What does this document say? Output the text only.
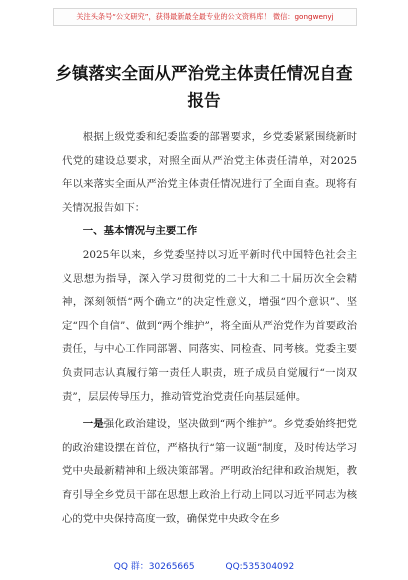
关注头条号“公文研究”，获得最新最全最专业的公文资料库！ 微信：gongwenyj
乡镇落实全面从严治党主体责任情况自查
报告

根据上级党委和纪委监委的部署要求，乡党委紧紧围绕新时代党的建设总要求，对照全面从严治党主体责任清单，对2025年以来落实全面从严治党主体责任情况进行了全面自查。现将有关情况报告如下：

一、基本情况与主要工作

2025年以来，乡党委坚持以习近平新时代中国特色社会主义思想为指导，深入学习贯彻党的二十大和二十届历次全会精神，深刻领悟“两个确立”的决定性意义，增强“四个意识”、坚定“四个自信”、做到“两个维护”，将全面从严治党作为首要政治责任，与中心工作同部署、同落实、同检查、同考核。党委主要负责同志认真履行第一责任人职责，班子成员自觉履行“一岗双责”，层层传导压力，推动管党治党责任向基层延伸。

一是强化政治建设，坚决做到“两个维护”。乡党委始终把党的政治建设摆在首位，严格执行“第一议题”制度，及时传达学习党中央最新精神和上级决策部署。严明政治纪律和政治规矩，教育引导全乡党员干部在思想上政治上行动上同以习近平同志为核心的党中央保持高度一致，确保党中央政令在乡

QQ 群：30265665	QQ:535304092
